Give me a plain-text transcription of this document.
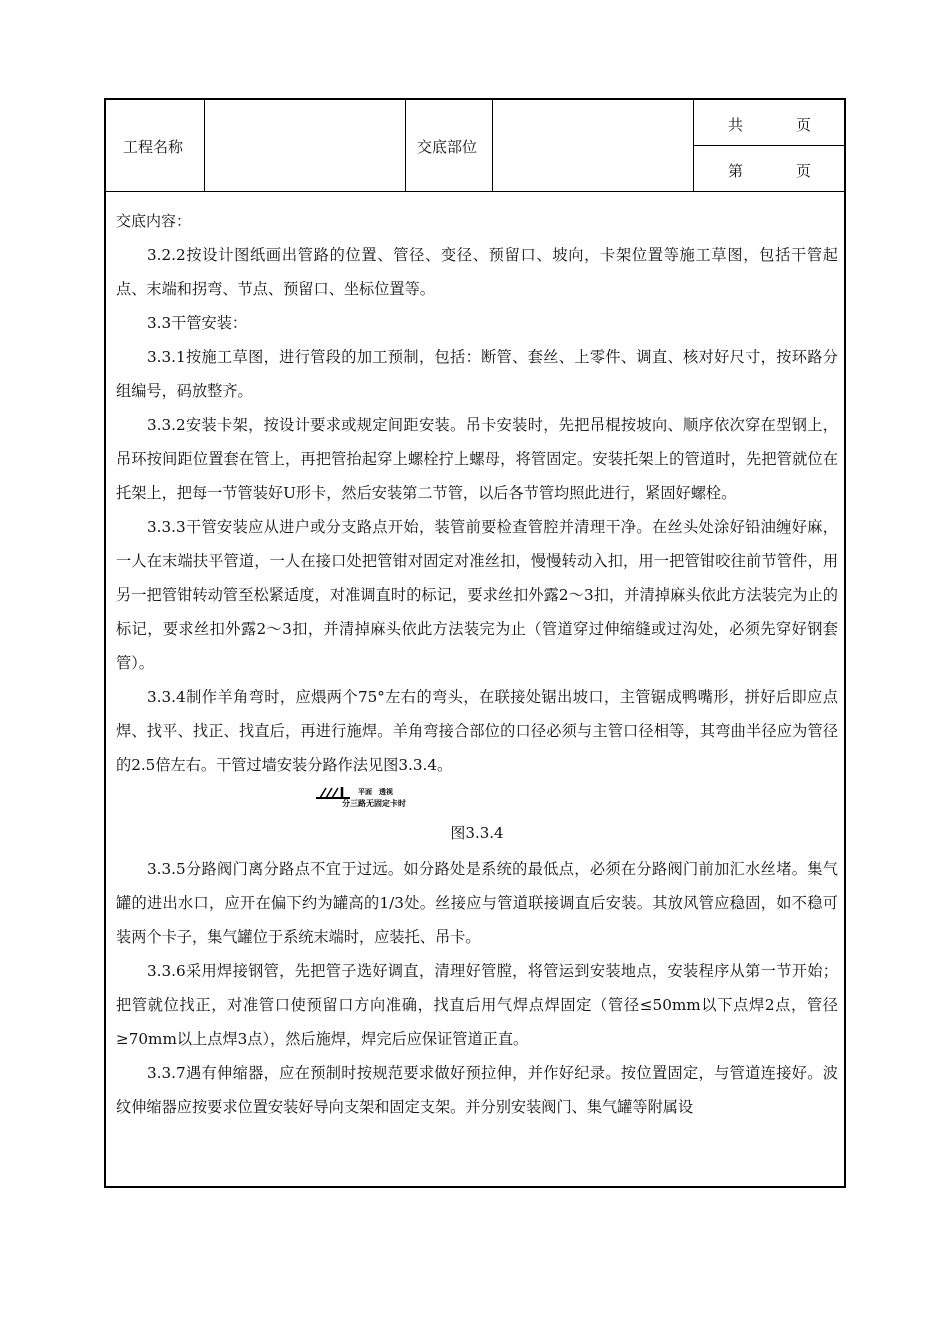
工程名称	交底部位
共	页
第	页
交底内容：

3.2.2按设计图纸画出管路的位置、管径、变径、预留口、坡向，卡架位置等施工草图，包括干管起点、末端和拐弯、节点、预留口、坐标位置等。

3.3干管安装：

3.3.1按施工草图，进行管段的加工预制，包括：断管、套丝、上零件、调直、核对好尺寸，按环路分组编号，码放整齐。

3.3.2安装卡架，按设计要求或规定间距安装。吊卡安装时，先把吊棍按坡向、顺序依次穿在型钢上，吊环按间距位置套在管上，再把管抬起穿上螺栓拧上螺母，将管固定。安装托架上的管道时，先把管就位在托架上，把每一节管装好U形卡，然后安装第二节管，以后各节管均照此进行，紧固好螺栓。

3.3.3干管安装应从进户或分支路点开始，装管前要检查管腔并清理干净。在丝头处涂好铅油缠好麻，一人在末端扶平管道，一人在接口处把管钳对固定对准丝扣，慢慢转动入扣，用一把管钳咬往前节管件，用另一把管钳转动管至松紧适度，对准调直时的标记，要求丝扣外露2～3扣，并清掉麻头依此方法装完为止的标记，要求丝扣外露2～3扣，并清掉麻头依此方法装完为止（管道穿过伸缩缝或过沟处，必须先穿好钢套管）。

3.3.4制作羊角弯时，应煨两个75°左右的弯头，在联接处锯出坡口，主管锯成鸭嘴形，拼好后即应点焊、找平、找正、找直后，再进行施焊。羊角弯接合部位的口径必须与主管口径相等，其弯曲半径应为管径的2.5倍左右。干管过墙安装分路作法见图3.3.4。

平面　透视
分三路无固定卡时
图3.3.4

3.3.5分路阀门离分路点不宜于过远。如分路处是系统的最低点，必须在分路阀门前加汇水丝堵。集气罐的进出水口，应开在偏下约为罐高的1/3处。丝接应与管道联接调直后安装。其放风管应稳固，如不稳可装两个卡子，集气罐位于系统末端时，应装托、吊卡。

3.3.6采用焊接钢管，先把管子选好调直，清理好管膛，将管运到安装地点，安装程序从第一节开始；把管就位找正，对准管口使预留口方向准确，找直后用气焊点焊固定（管径≤50mm以下点焊2点，管径≥70mm以上点焊3点），然后施焊，焊完后应保证管道正直。

3.3.7遇有伸缩器，应在预制时按规范要求做好预拉伸，并作好纪录。按位置固定，与管道连接好。波纹伸缩器应按要求位置安装好导向支架和固定支架。并分别安装阀门、集气罐等附属设
